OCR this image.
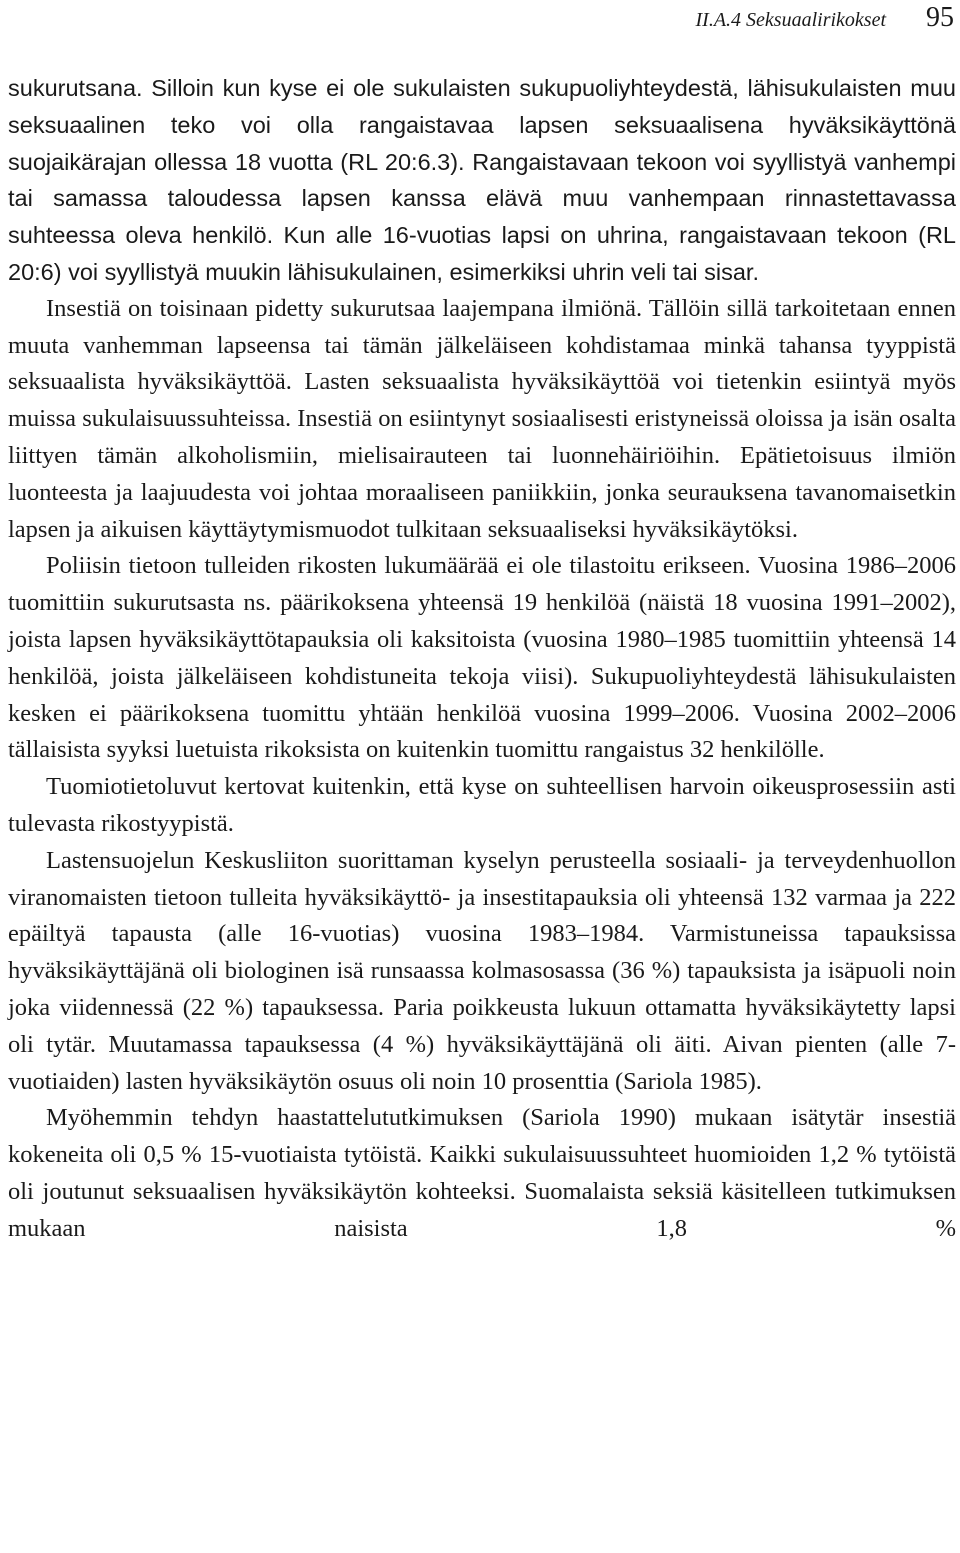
II.A.4 Seksuaalirikokset 95

sukurutsana. Silloin kun kyse ei ole sukulaisten sukupuoliyhteydestä, lähisukulaisten muu seksuaalinen teko voi olla rangaistavaa lapsen seksuaalisena hyväksikäyttönä suojaikärajan ollessa 18 vuotta (RL 20:6.3). Rangaistavaan tekoon voi syyllistyä vanhempi tai samassa taloudessa lapsen kanssa elävä muu vanhempaan rinnastettavassa suhteessa oleva henkilö. Kun alle 16-vuotias lapsi on uhrina, rangaistavaan tekoon (RL 20:6) voi syyllistyä muukin lähisukulainen, esimerkiksi uhrin veli tai sisar.

Insestiä on toisinaan pidetty sukurutsaa laajempana ilmiönä. Tällöin sillä tarkoitetaan ennen muuta vanhemman lapseensa tai tämän jälkeläiseen kohdistamaa minkä tahansa tyyppistä seksuaalista hyväksikäyttöä. Lasten seksuaalista hyväksikäyttöä voi tietenkin esiintyä myös muissa sukulaisuussuhteissa. Insestiä on esiintynyt sosiaalisesti eristyneissä oloissa ja isän osalta liittyen tämän alkoholismiin, mielisairauteen tai luonnehäiriöihin. Epätietoisuus ilmiön luonteesta ja laajuudesta voi johtaa moraaliseen paniikkiin, jonka seurauksena tavanomaisetkin lapsen ja aikuisen käyttäytymismuodot tulkitaan seksuaaliseksi hyväksikäytöksi.

Poliisin tietoon tulleiden rikosten lukumäärää ei ole tilastoitu erikseen. Vuosina 1986–2006 tuomittiin sukurutsasta ns. päärikoksena yhteensä 19 henkilöä (näistä 18 vuosina 1991–2002), joista lapsen hyväksikäyttötapauksia oli kaksitoista (vuosina 1980–1985 tuomittiin yhteensä 14 henkilöä, joista jälkeläiseen kohdistuneita tekoja viisi). Sukupuoliyhteydestä lähisukulaisten kesken ei päärikoksena tuomittu yhtään henkilöä vuosina 1999–2006. Vuosina 2002–2006 tällaisista syyksi luetuista rikoksista on kuitenkin tuomittu rangaistus 32 henkilölle.

Tuomiotietoluvut kertovat kuitenkin, että kyse on suhteellisen harvoin oikeusprosessiin asti tulevasta rikostyypistä.

Lastensuojelun Keskusliiton suorittaman kyselyn perusteella sosiaali- ja terveydenhuollon viranomaisten tietoon tulleita hyväksikäyttö- ja insestitapauksia oli yhteensä 132 varmaa ja 222 epäiltyä tapausta (alle 16-vuotias) vuosina 1983–1984. Varmistuneissa tapauksissa hyväksikäyttäjänä oli biologinen isä runsaassa kolmasosassa (36 %) tapauksista ja isäpuoli noin joka viidennessä (22 %) tapauksessa. Paria poikkeusta lukuun ottamatta hyväksikäytetty lapsi oli tytär. Muutamassa tapauksessa (4 %) hyväksikäyttäjänä oli äiti. Aivan pienten (alle 7-vuotiaiden) lasten hyväksikäytön osuus oli noin 10 prosenttia (Sariola 1985).

Myöhemmin tehdyn haastattelututkimuksen (Sariola 1990) mukaan isätytär insestiä kokeneita oli 0,5 % 15-vuotiaista tytöistä. Kaikki sukulaisuussuhteet huomioiden 1,2 % tytöistä oli joutunut seksuaalisen hyväksikäytön kohteeksi. Suomalaista seksiä käsitelleen tutkimuksen mukaan naisista 1,8 %
